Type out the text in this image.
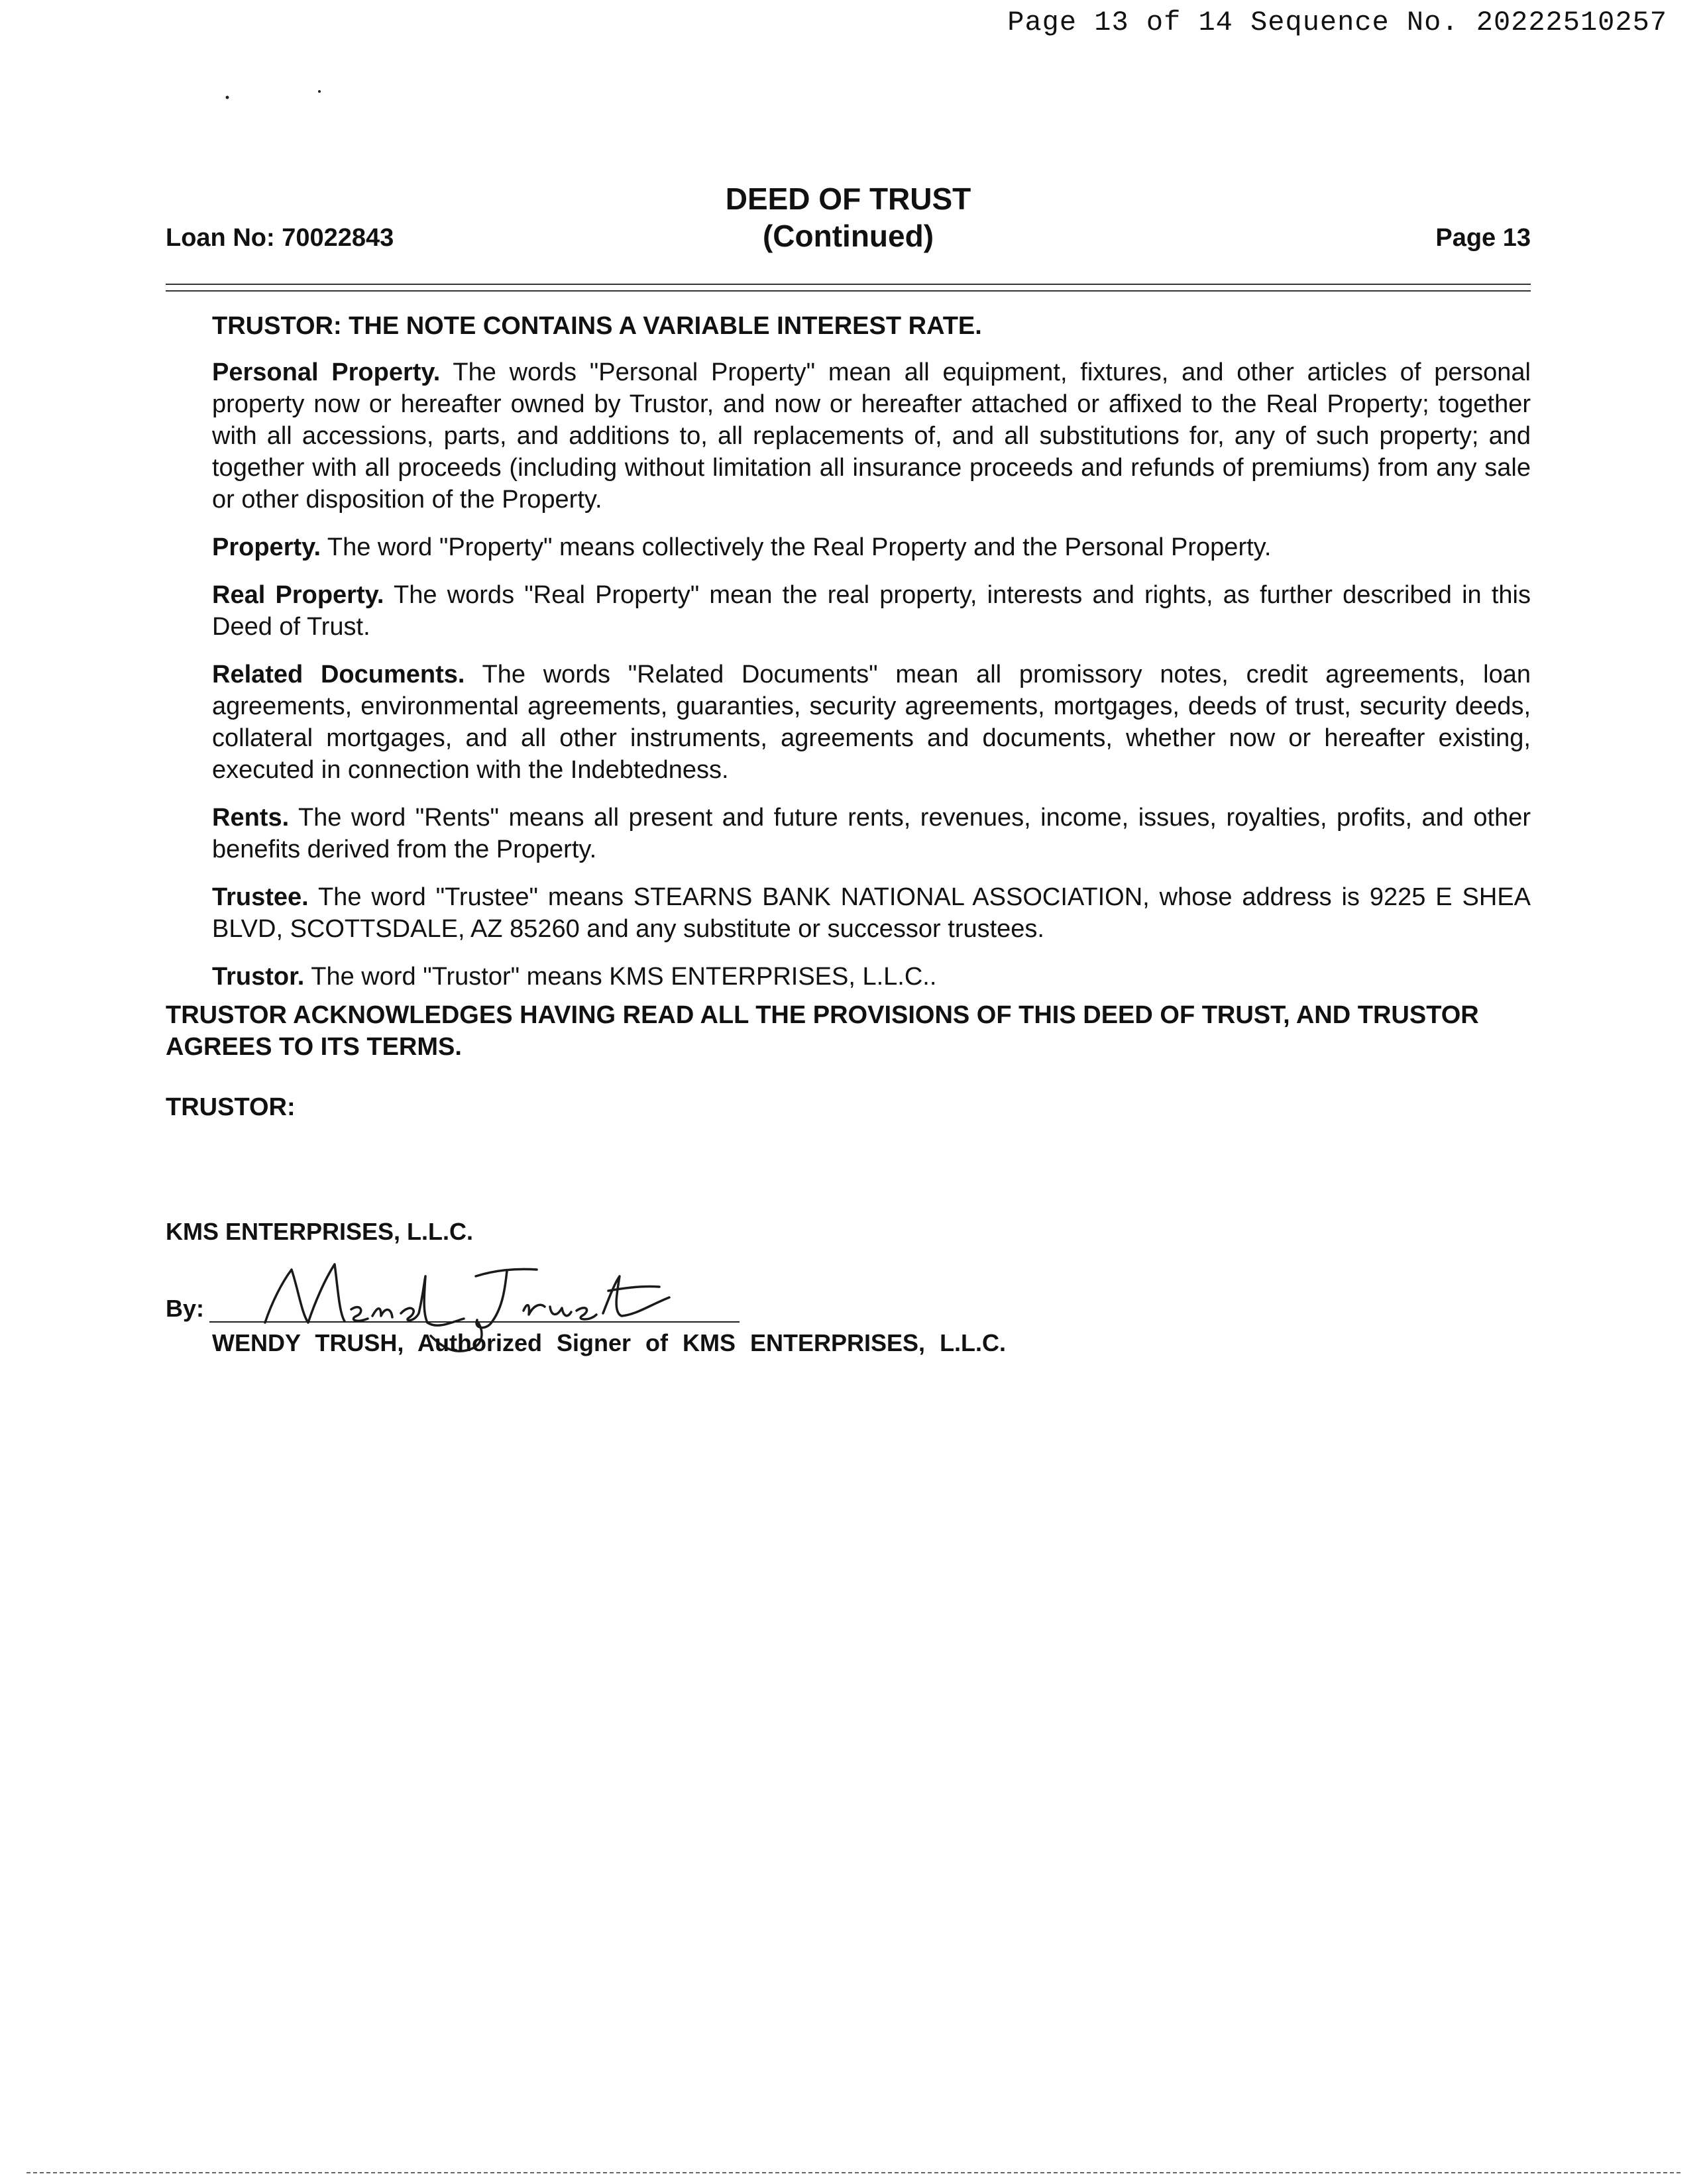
Page 13 of 14 Sequence No. 20222510257
Loan No: 70022843
DEED OF TRUST
(Continued)	Page 13

TRUSTOR: THE NOTE CONTAINS A VARIABLE INTEREST RATE.

Personal Property. The words "Personal Property" mean all equipment, fixtures, and other articles of personal property now or hereafter owned by Trustor, and now or hereafter attached or affixed to the Real Property; together with all accessions, parts, and additions to, all replacements of, and all substitutions for, any of such property; and together with all proceeds (including without limitation all insurance proceeds and refunds of premiums) from any sale or other disposition of the Property.

Property. The word "Property" means collectively the Real Property and the Personal Property.

Real Property. The words "Real Property" mean the real property, interests and rights, as further described in this Deed of Trust.

Related Documents. The words "Related Documents" mean all promissory notes, credit agreements, loan agreements, environmental agreements, guaranties, security agreements, mortgages, deeds of trust, security deeds, collateral mortgages, and all other instruments, agreements and documents, whether now or hereafter existing, executed in connection with the Indebtedness.

Rents. The word "Rents" means all present and future rents, revenues, income, issues, royalties, profits, and other benefits derived from the Property.

Trustee. The word "Trustee" means STEARNS BANK NATIONAL ASSOCIATION, whose address is 9225 E SHEA BLVD, SCOTTSDALE, AZ 85260 and any substitute or successor trustees.

Trustor. The word "Trustor" means KMS ENTERPRISES, L.L.C..

TRUSTOR ACKNOWLEDGES HAVING READ ALL THE PROVISIONS OF THIS DEED OF TRUST, AND TRUSTOR AGREES TO ITS TERMS.
TRUSTOR:
KMS ENTERPRISES, L.L.C.
By:
WENDY TRUSH, Authorized Signer of KMS ENTERPRISES, L.L.C.
